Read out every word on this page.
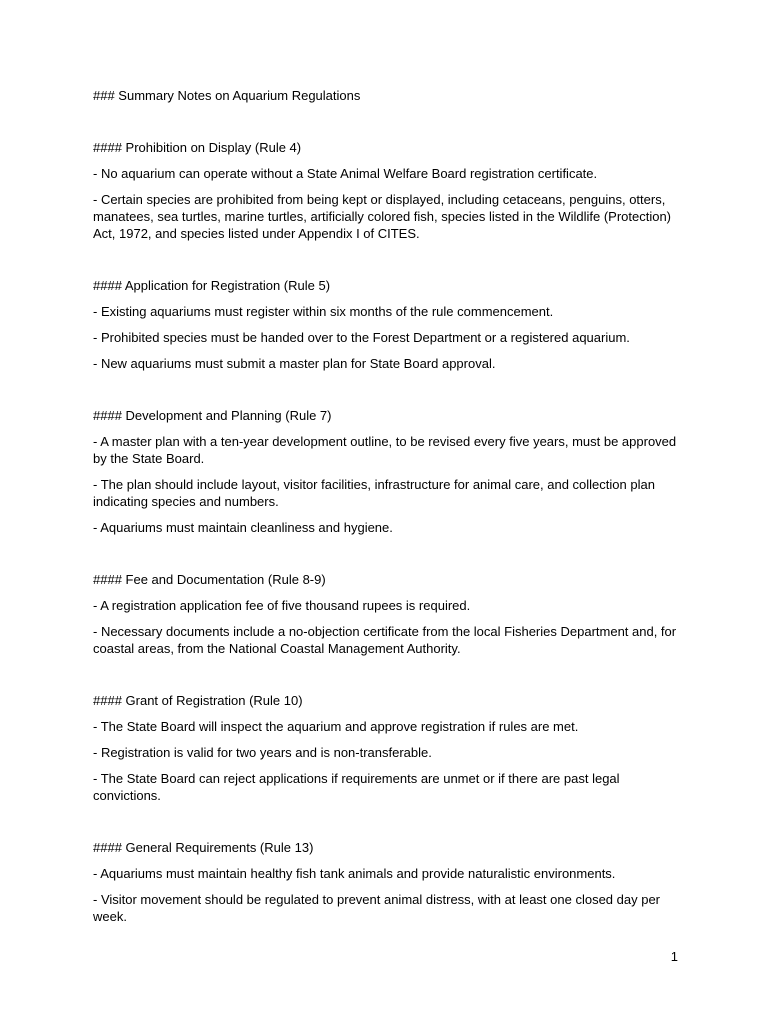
### Summary Notes on Aquarium Regulations
#### Prohibition on Display (Rule 4)
- No aquarium can operate without a State Animal Welfare Board registration certificate.
- Certain species are prohibited from being kept or displayed, including cetaceans, penguins, otters, manatees, sea turtles, marine turtles, artificially colored fish, species listed in the Wildlife (Protection) Act, 1972, and species listed under Appendix I of CITES.
#### Application for Registration (Rule 5)
- Existing aquariums must register within six months of the rule commencement.
- Prohibited species must be handed over to the Forest Department or a registered aquarium.
- New aquariums must submit a master plan for State Board approval.
#### Development and Planning (Rule 7)
- A master plan with a ten-year development outline, to be revised every five years, must be approved by the State Board.
- The plan should include layout, visitor facilities, infrastructure for animal care, and collection plan indicating species and numbers.
- Aquariums must maintain cleanliness and hygiene.
#### Fee and Documentation (Rule 8-9)
- A registration application fee of five thousand rupees is required.
- Necessary documents include a no-objection certificate from the local Fisheries Department and, for coastal areas, from the National Coastal Management Authority.
#### Grant of Registration (Rule 10)
- The State Board will inspect the aquarium and approve registration if rules are met.
- Registration is valid for two years and is non-transferable.
- The State Board can reject applications if requirements are unmet or if there are past legal convictions.
#### General Requirements (Rule 13)
- Aquariums must maintain healthy fish tank animals and provide naturalistic environments.
- Visitor movement should be regulated to prevent animal distress, with at least one closed day per week.
1
